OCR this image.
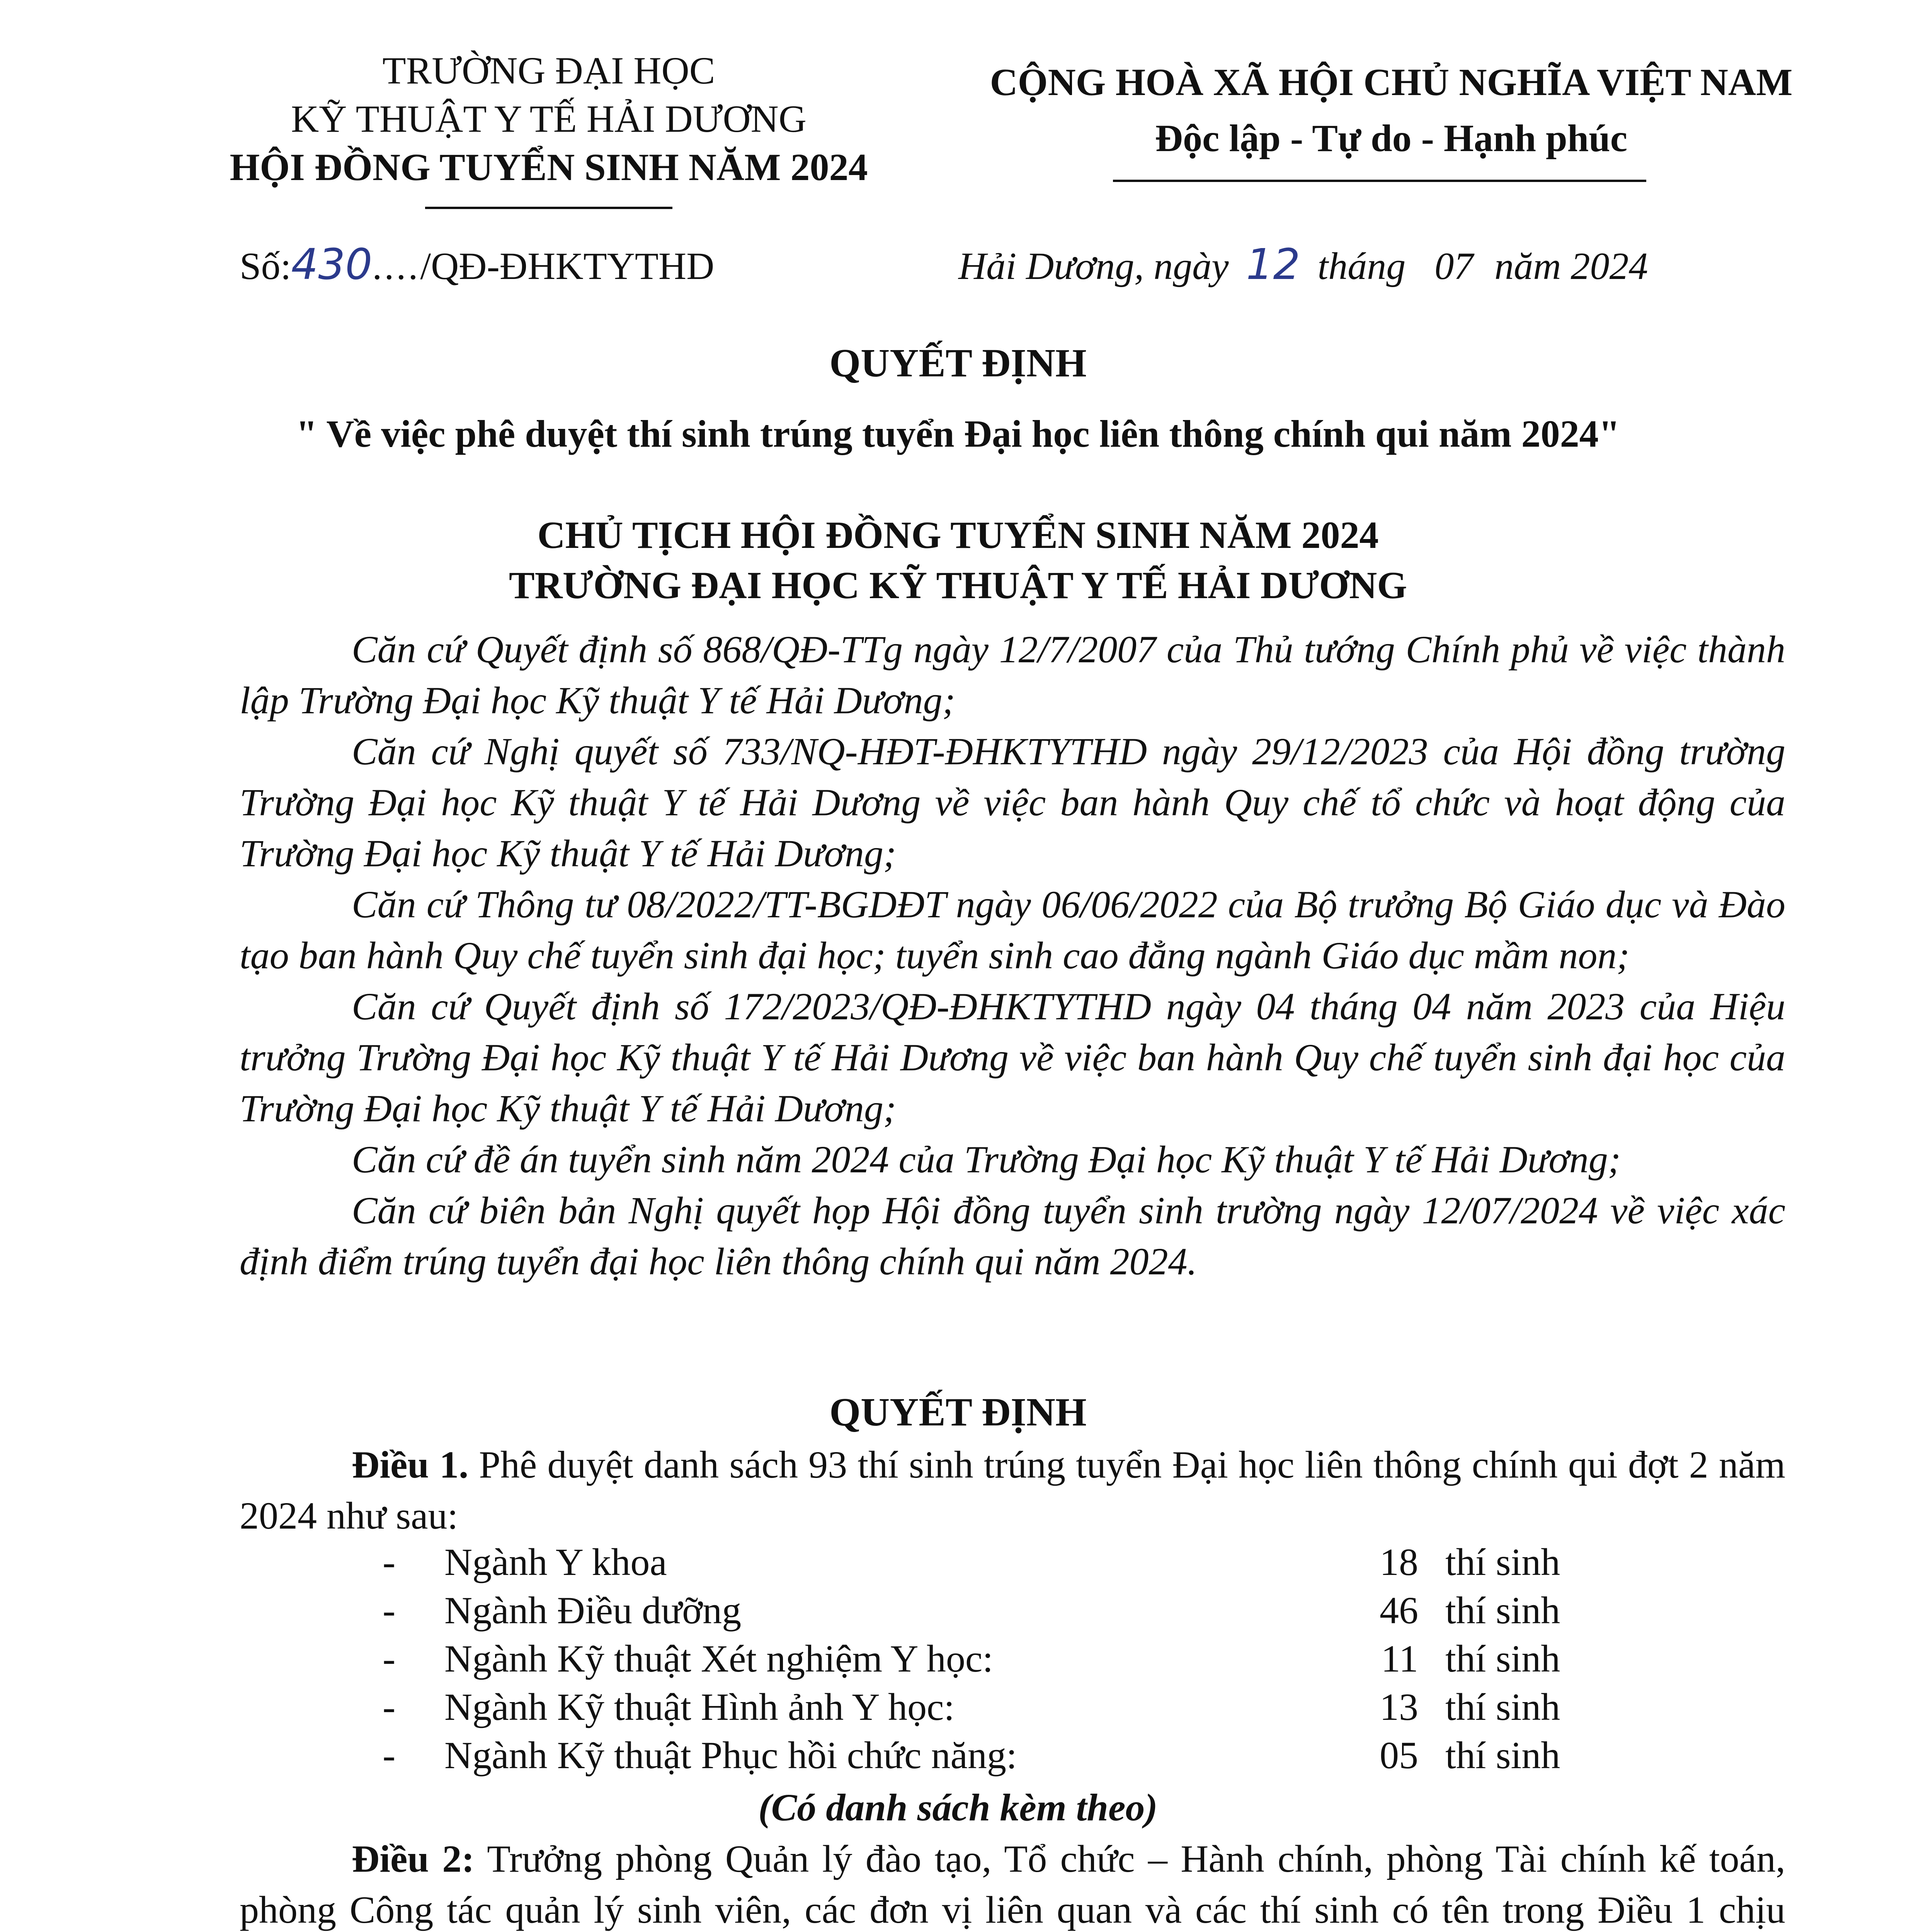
TRƯỜNG ĐẠI HỌC
KỸ THUẬT Y TẾ HẢI DƯƠNG
HỘI ĐỒNG TUYỂN SINH NĂM 2024
CỘNG HOÀ XÃ HỘI CHỦ NGHĨA VIỆT NAM
Độc lập - Tự do - Hạnh phúc
Số:430..../QĐ-ĐHKTYTHD	Hải Dương, ngày 12 tháng 07 năm 2024
QUYẾT ĐỊNH
" Về việc phê duyệt thí sinh trúng tuyển Đại học liên thông chính qui năm 2024"
CHỦ TỊCH HỘI ĐỒNG TUYỂN SINH NĂM 2024
TRƯỜNG ĐẠI HỌC KỸ THUẬT Y TẾ HẢI DƯƠNG
Căn cứ Quyết định số 868/QĐ-TTg ngày 12/7/2007 của Thủ tướng Chính phủ về việc thành lập Trường Đại học Kỹ thuật Y tế Hải Dương;
Căn cứ Nghị quyết số 733/NQ-HĐT-ĐHKTYTHD ngày 29/12/2023 của Hội đồng trường Trường Đại học Kỹ thuật Y tế Hải Dương về việc ban hành Quy chế tổ chức và hoạt động của Trường Đại học Kỹ thuật Y tế Hải Dương;
Căn cứ Thông tư 08/2022/TT-BGDĐT ngày 06/06/2022 của Bộ trưởng Bộ Giáo dục và Đào tạo ban hành Quy chế tuyển sinh đại học; tuyển sinh cao đẳng ngành Giáo dục mầm non;
Căn cứ Quyết định số 172/2023/QĐ-ĐHKTYTHD ngày 04 tháng 04 năm 2023 của Hiệu trưởng Trường Đại học Kỹ thuật Y tế Hải Dương về việc ban hành Quy chế tuyển sinh đại học của Trường Đại học Kỹ thuật Y tế Hải Dương;
Căn cứ đề án tuyển sinh năm 2024 của Trường Đại học Kỹ thuật Y tế Hải Dương;
Căn cứ biên bản Nghị quyết họp Hội đồng tuyển sinh trường ngày 12/07/2024 về việc xác định điểm trúng tuyển đại học liên thông chính qui năm 2024.
QUYẾT ĐỊNH
Điều 1. Phê duyệt danh sách 93 thí sinh trúng tuyển Đại học liên thông chính qui đợt 2 năm 2024 như sau:
- Ngành Y khoa	18 thí sinh
- Ngành Điều dưỡng	46 thí sinh
- Ngành Kỹ thuật Xét nghiệm Y học:	11 thí sinh
- Ngành Kỹ thuật Hình ảnh Y học:	13 thí sinh
- Ngành Kỹ thuật Phục hồi chức năng:	05 thí sinh
(Có danh sách kèm theo)
Điều 2: Trưởng phòng Quản lý đào tạo, Tổ chức – Hành chính, phòng Tài chính kế toán, phòng Công tác quản lý sinh viên, các đơn vị liên quan và các thí sinh có tên trong Điều 1 chịu
